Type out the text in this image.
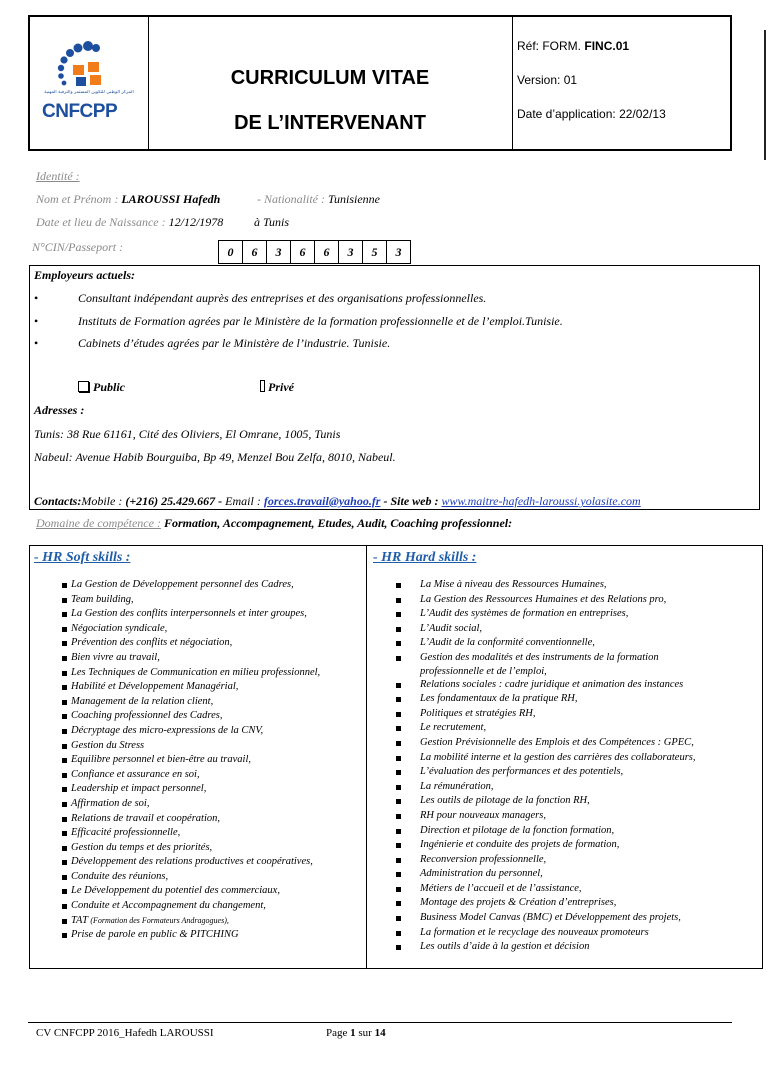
المركز الوطني للتكوين المستمر والترقية المهنية
CNFCPP
CURRICULUM VITAE
DE L’INTERVENANT
Réf: FORM. FINC.01
Version: 01
Date d’application: 22/02/13
Identité :
Nom et Prénom : LAROUSSI Hafedh	- Nationalité : Tunisienne
Date et lieu de Naissance : 12/12/1978	à Tunis
N°CIN/Passeport :	0	6	3	6	6	3	5	3
Employeurs actuels:
•	Consultant indépendant auprès des entreprises et des organisations professionnelles.
•	Instituts de Formation agrées par le Ministère de la formation professionnelle et de l’emploi.Tunisie.
•	Cabinets d’études agrées par le Ministère de l’industrie. Tunisie.
Public	Privé
Adresses :
Tunis: 38 Rue 61161, Cité des Oliviers, El Omrane, 1005, Tunis
Nabeul: Avenue Habib Bourguiba, Bp 49, Menzel Bou Zelfa, 8010, Nabeul.
Contacts:Mobile : (+216) 25.429.667 - Email : forces.travail@yahoo.fr - Site web : www.maitre-hafedh-laroussi.yolasite.com
Domaine de compétence : Formation, Accompagnement, Etudes, Audit, Coaching professionnel:
- HR Soft skills :
La Gestion de Développement personnel des Cadres,
Team building,
La Gestion des conflits interpersonnels et inter groupes,
Négociation syndicale,
Prévention des conflits et négociation,
Bien vivre au travail,
Les Techniques de Communication en milieu professionnel,
Habilité et Développement Managérial,
Management de la relation client,
Coaching professionnel des Cadres,
Décryptage des micro-expressions de la CNV,
Gestion du Stress
Equilibre personnel et bien-être au travail,
Confiance et assurance en soi,
Leadership et impact personnel,
Affirmation de soi,
Relations de travail et coopération,
Efficacité professionnelle,
Gestion du temps et des priorités,
Développement des relations productives et coopératives,
Conduite des réunions,
Le Développement du potentiel des commerciaux,
Conduite et Accompagnement du changement,
TAT (Formation des Formateurs Andragogues),
Prise de parole en public & PITCHING
- HR Hard skills :
La Mise à niveau des Ressources Humaines,
La Gestion des Ressources Humaines et des Relations pro,
L’Audit des systèmes de formation en entreprises,
L’Audit social,
L’Audit de la conformité conventionnelle,
Gestion des modalités et des instruments de la formation
professionnelle et de l’emploi,
Relations sociales : cadre juridique et animation des instances
Les fondamentaux de la pratique RH,
Politiques et stratégies RH,
Le recrutement,
Gestion Prévisionnelle des Emplois et des Compétences : GPEC,
La mobilité interne et la gestion des carrières des collaborateurs,
L’évaluation des performances et des potentiels,
La rémunération,
Les outils de pilotage de la fonction RH,
RH pour nouveaux managers,
Direction et pilotage de la fonction formation,
Ingénierie et conduite des projets de formation,
Reconversion professionnelle,
Administration du personnel,
Métiers de l’accueil et de l’assistance,
Montage des projets & Création d’entreprises,
Business Model Canvas (BMC) et Développement des projets,
La formation et le recyclage des nouveaux promoteurs
Les outils d’aide à la gestion et décision
CV CNFCPP 2016_Hafedh LAROUSSI	Page 1 sur 14
